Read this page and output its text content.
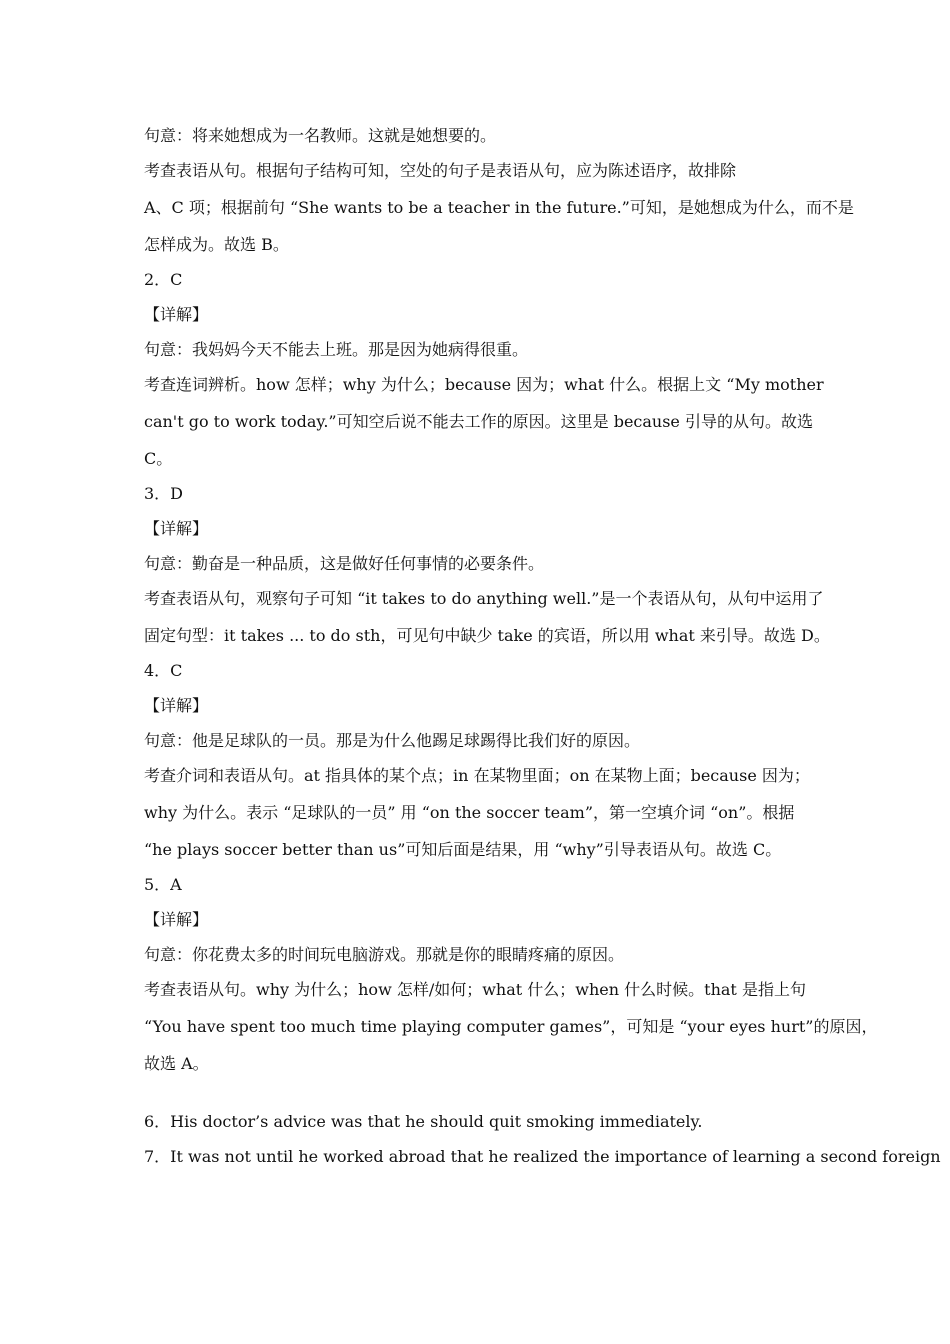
句意：将来她想成为一名教师。这就是她想要的。

考查表语从句。根据句子结构可知，空处的句子是表语从句，应为陈述语序，故排除

A、C 项；根据前句 “She wants to be a teacher in the future.”可知，是她想成为什么，而不是

怎样成为。故选 B。

2．C

【详解】

句意：我妈妈今天不能去上班。那是因为她病得很重。

考查连词辨析。how 怎样；why 为什么；because 因为；what 什么。根据上文 “My mother

can't go to work today.”可知空后说不能去工作的原因。这里是 because 引导的从句。故选

C。

3．D

【详解】

句意：勤奋是一种品质，这是做好任何事情的必要条件。

考查表语从句，观察句子可知 “it takes to do anything well.”是一个表语从句，从句中运用了

固定句型：it takes ... to do sth，可见句中缺少 take 的宾语，所以用 what 来引导。故选 D。

4．C

【详解】

句意：他是足球队的一员。那是为什么他踢足球踢得比我们好的原因。

考查介词和表语从句。at 指具体的某个点；in 在某物里面；on 在某物上面；because 因为；

why 为什么。表示 “足球队的一员” 用 “on the soccer team”，第一空填介词 “on”。根据

“he plays soccer better than us”可知后面是结果，用 “why”引导表语从句。故选 C。

5．A

【详解】

句意：你花费太多的时间玩电脑游戏。那就是你的眼睛疼痛的原因。

考查表语从句。why 为什么；how 怎样/如何；what 什么；when 什么时候。that 是指上句

“You have spent too much time playing computer games”，可知是 “your eyes hurt”的原因，

故选 A。

6．His doctor’s advice was that he should quit smoking immediately.

7．It was not until he worked abroad that he realized the importance of learning a second foreign
